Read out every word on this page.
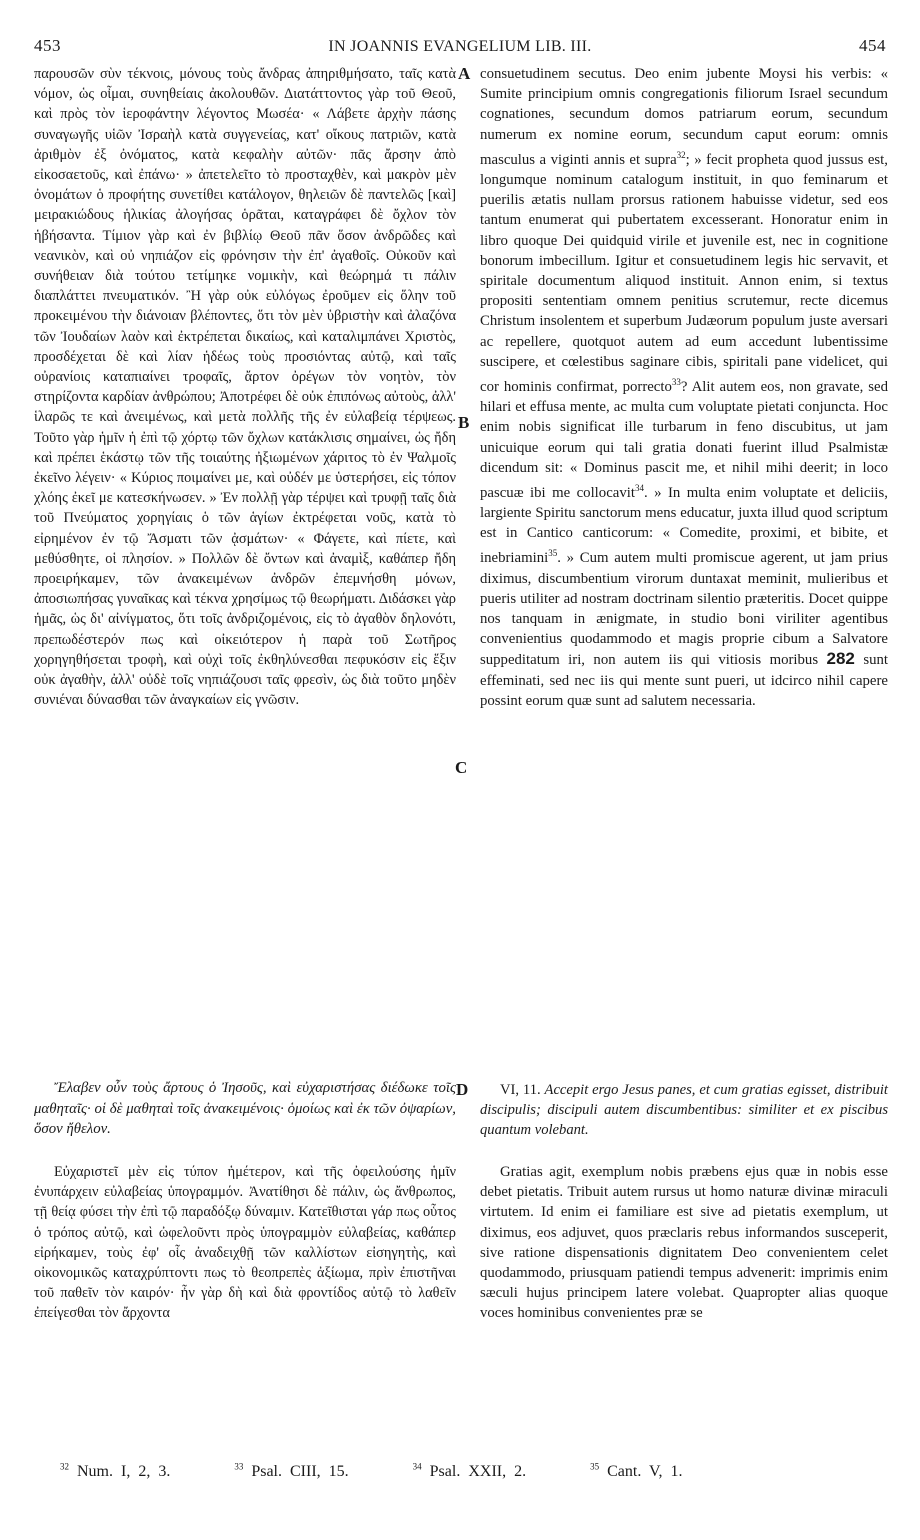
453	IN JOANNIS EVANGELIUM LIB. III.	454

παρουσῶν σὺν τέκνοις, μόνους τοὺς ἄνδρας ἀπηριθμήσατο, ταῖς κατὰ νόμον, ὡς οἶμαι, συνηθείαις ἀκολουθῶν. Διατάττοντος γὰρ τοῦ Θεοῦ, καὶ πρὸς τὸν ἱεροφάντην λέγοντος Μωσέα· « Λάβετε ἀρχὴν πάσης συναγωγῆς υἱῶν Ἰσραὴλ κατὰ συγγενείας, κατ' οἴκους πατριῶν, κατὰ ἀριθμὸν ἐξ ὀνόματος, κατὰ κεφαλὴν αὐτῶν· πᾶς ἄρσην ἀπὸ εἰκοσαετοῦς, καὶ ἐπάνω· » ἀπετελεῖτο τὸ προσταχθὲν, καὶ μακρὸν μὲν ὀνομάτων ὁ προφήτης συνετίθει κατάλογον, θηλειῶν δὲ παντελῶς [καὶ] μειρακιώδους ἡλικίας ἀλογήσας ὁρᾶται, καταγράφει δὲ ὄχλον τὸν ἡβήσαντα. Τίμιον γὰρ καὶ ἐν βιβλίῳ Θεοῦ πᾶν ὅσον ἀνδρῶδες καὶ νεανικὸν, καὶ οὐ νηπιάζον εἰς φρόνησιν τὴν ἐπ' ἀγαθοῖς. Οὐκοῦν καὶ συνήθειαν διὰ τούτου τετίμηκε νομικὴν, καὶ θεώρημά τι πάλιν διαπλάττει πνευματικόν. Ἢ γὰρ οὐκ εὐλόγως ἐροῦμεν εἰς ὅλην τοῦ προκειμένου τὴν διάνοιαν βλέποντες, ὅτι τὸν μὲν ὑβριστὴν καὶ ἀλαζόνα τῶν Ἰουδαίων λαὸν καὶ ἐκτρέπεται δικαίως, καὶ καταλιμπάνει Χριστὸς, προσδέχεται δὲ καὶ λίαν ἡδέως τοὺς προσιόντας αὐτῷ, καὶ ταῖς οὐρανίοις καταπιαίνει τροφαῖς, ἄρτον ὀρέγων τὸν νοητὸν, τὸν στηρίζοντα καρδίαν ἀνθρώπου; Ἀποτρέφει δὲ οὐκ ἐπιπόνως αὐτοὺς, ἀλλ' ἱλαρῶς τε καὶ ἀνειμένως, καὶ μετὰ πολλῆς τῆς ἐν εὐλαβείᾳ τέρψεως. Τοῦτο γὰρ ἡμῖν ἡ ἐπὶ τῷ χόρτῳ τῶν ὄχλων κατάκλισις σημαίνει, ὡς ἤδη καὶ πρέπει ἑκάστῳ τῶν τῆς τοιαύτης ἠξιωμένων χάριτος τὸ ἐν Ψαλμοῖς ἐκεῖνο λέγειν· « Κύριος ποιμαίνει με, καὶ οὐδέν με ὑστερήσει, εἰς τόπον χλόης ἐκεῖ με κατεσκήνωσεν. » Ἐν πολλῇ γὰρ τέρψει καὶ τρυφῇ ταῖς διὰ τοῦ Πνεύματος χορηγίαις ὁ τῶν ἁγίων ἐκτρέφεται νοῦς, κατὰ τὸ εἰρημένον ἐν τῷ Ἄσματι τῶν ᾀσμάτων· « Φάγετε, καὶ πίετε, καὶ μεθύσθητε, οἱ πλησίον. » Πολλῶν δὲ ὄντων καὶ ἀναμὶξ, καθάπερ ἤδη προειρήκαμεν, τῶν ἀνακειμένων ἀνδρῶν ἐπεμνήσθη μόνων, ἀποσιωπήσας γυναῖκας καὶ τέκνα χρησίμως τῷ θεωρήματι. Διδάσκει γὰρ ἡμᾶς, ὡς δι' αἰνίγματος, ὅτι τοῖς ἀνδριζομένοις, εἰς τὸ ἀγαθὸν δηλονότι, πρεπωδέστερόν πως καὶ οἰκειότερον ἡ παρὰ τοῦ Σωτῆρος χορηγηθήσεται τροφὴ, καὶ οὐχὶ τοῖς ἐκθηλύνεσθαι πεφυκόσιν εἰς ἕξιν οὐκ ἀγαθὴν, ἀλλ' οὐδὲ τοῖς νηπιάζουσι ταῖς φρεσὶν, ὡς διὰ τοῦτο μηδὲν συνιέναι δύνασθαι τῶν ἀναγκαίων εἰς γνῶσιν.

consuetudinem secutus. Deo enim jubente Moysi his verbis: « Sumite principium omnis congregationis filiorum Israel secundum cognationes, secundum domos patriarum eorum, secundum numerum ex nomine eorum, secundum caput eorum: omnis masculus a viginti annis et supra$^{32}$; » fecit propheta quod jussus est, longumque nominum catalogum instituit, in quo feminarum et puerilis ætatis nullam prorsus rationem habuisse videtur, sed eos tantum enumerat qui pubertatem excesserant. Honoratur enim in libro quoque Dei quidquid virile et juvenile est, nec in cognitione bonorum imbecillum. Igitur et consuetudinem legis hic servavit, et spiritale documentum aliquod instituit. Annon enim, si textus propositi sententiam omnem penitius scrutemur, recte dicemus Christum insolentem et superbum Judæorum populum juste aversari ac repellere, quotquot autem ad eum accedunt lubentissime suscipere, et cœlestibus saginare cibis, spiritali pane videlicet, qui cor hominis confirmat, porrecto$^{33}$? Alit autem eos, non gravate, sed hilari et effusa mente, ac multa cum voluptate pietati conjuncta. Hoc enim nobis significat ille turbarum in feno discubitus, ut jam unicuique eorum qui tali gratia donati fuerint illud Psalmistæ dicendum sit: « Dominus pascit me, et nihil mihi deerit; in loco pascuæ ibi me collocavit$^{34}$. » In multa enim voluptate et deliciis, largiente Spiritu sanctorum mens educatur, juxta illud quod scriptum est in Cantico canticorum: « Comedite, proximi, et bibite, et inebriamini$^{35}$. » Cum autem multi promiscue agerent, ut jam prius diximus, discumbentium virorum duntaxat meminit, mulieribus et pueris utiliter ad nostram doctrinam silentio præteritis. Docet quippe nos tanquam in ænigmate, in studio boni viriliter agentibus convenientius quodammodo et magis proprie cibum a Salvatore suppeditatum iri, non autem iis qui vitiosis moribus 282 sunt effeminati, sed nec iis qui mente sunt pueri, ut idcirco nihil capere possint eorum quæ sunt ad salutem necessaria.

A
B
C
D
Ἔλαβεν οὖν τοὺς ἄρτους ὁ Ἰησοῦς, καὶ εὐχαριστήσας διέδωκε τοῖς μαθηταῖς· οἱ δὲ μαθηταὶ τοῖς ἀνακειμένοις· ὁμοίως καὶ ἐκ τῶν ὀψαρίων, ὅσον ἤθελον.
Εὐχαριστεῖ μὲν εἰς τύπον ἡμέτερον, καὶ τῆς ὀφειλούσης ἡμῖν ἐνυπάρχειν εὐλαβείας ὑπογραμμόν. Ἀνατίθησι δὲ πάλιν, ὡς ἄνθρωπος, τῇ θείᾳ φύσει τὴν ἐπὶ τῷ παραδόξῳ δύναμιν. Κατεῖθισται γάρ πως οὗτος ὁ τρόπος αὐτῷ, καὶ ὠφελοῦντι πρὸς ὑπογραμμὸν εὐλαβείας, καθάπερ εἰρήκαμεν, τοὺς ἐφ' οἷς ἀναδειχθῇ τῶν καλλίστων εἰσηγητὴς, καὶ οἰκονομικῶς καταχρύπτοντι πως τὸ θεοπρεπὲς ἀξίωμα, πρὶν ἐπιστῆναι τοῦ παθεῖν τὸν καιρόν· ἦν γὰρ δὴ καὶ διὰ φροντίδος αὐτῷ τὸ λαθεῖν ἐπείγεσθαι τὸν ἄρχοντα
VI, 11. Accepit ergo Jesus panes, et cum gratias egisset, distribuit discipulis; discipuli autem discumbentibus: similiter et ex piscibus quantum volebant.
Gratias agit, exemplum nobis præbens ejus quæ in nobis esse debet pietatis. Tribuit autem rursus ut homo naturæ divinæ miraculi virtutem. Id enim ei familiare est sive ad pietatis exemplum, ut diximus, eos adjuvet, quos præclaris rebus informandos susceperit, sive ratione dispensationis dignitatem Deo convenientem celet quodammodo, priusquam patiendi tempus advenerit: imprimis enim sæculi hujus principem latere volebat. Quapropter alias quoque voces hominibus convenientes præ se
$^{32}$ Num. I, 2, 3.	$^{33}$ Psal. CIII, 15.	$^{34}$ Psal. XXII, 2.	$^{35}$ Cant. V, 1.
